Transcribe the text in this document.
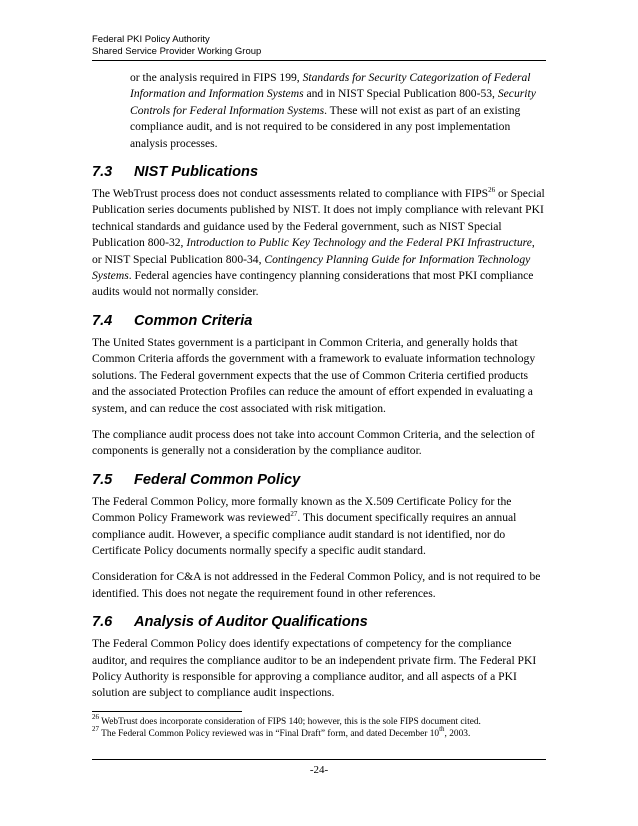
Federal PKI Policy Authority
Shared Service Provider Working Group

or the analysis required in FIPS 199, Standards for Security Categorization of Federal Information and Information Systems and in NIST Special Publication 800-53, Security Controls for Federal Information Systems. These will not exist as part of an existing compliance audit, and is not required to be considered in any post implementation analysis processes.

7.3 NIST Publications

The WebTrust process does not conduct assessments related to compliance with FIPS$^{26}$ or Special Publication series documents published by NIST. It does not imply compliance with relevant PKI technical standards and guidance used by the Federal government, such as NIST Special Publication 800-32, Introduction to Public Key Technology and the Federal PKI Infrastructure, or NIST Special Publication 800-34, Contingency Planning Guide for Information Technology Systems. Federal agencies have contingency planning considerations that most PKI compliance audits would not normally consider.

7.4 Common Criteria

The United States government is a participant in Common Criteria, and generally holds that Common Criteria affords the government with a framework to evaluate information technology solutions. The Federal government expects that the use of Common Criteria certified products and the associated Protection Profiles can reduce the amount of effort expended in evaluating a system, and can reduce the cost associated with risk mitigation.

The compliance audit process does not take into account Common Criteria, and the selection of components is generally not a consideration by the compliance auditor.

7.5 Federal Common Policy

The Federal Common Policy, more formally known as the X.509 Certificate Policy for the Common Policy Framework was reviewed$^{27}$. This document specifically requires an annual compliance audit. However, a specific compliance audit standard is not identified, nor do Certificate Policy documents normally specify a specific audit standard.

Consideration for C&A is not addressed in the Federal Common Policy, and is not required to be identified. This does not negate the requirement found in other references.

7.6 Analysis of Auditor Qualifications

The Federal Common Policy does identify expectations of competency for the compliance auditor, and requires the compliance auditor to be an independent private firm. The Federal PKI Policy Authority is responsible for approving a compliance auditor, and all aspects of a PKI solution are subject to compliance audit inspections.

$^{26}$ WebTrust does incorporate consideration of FIPS 140; however, this is the sole FIPS document cited.
$^{27}$ The Federal Common Policy reviewed was in “Final Draft” form, and dated December 10th, 2003.
-24-
